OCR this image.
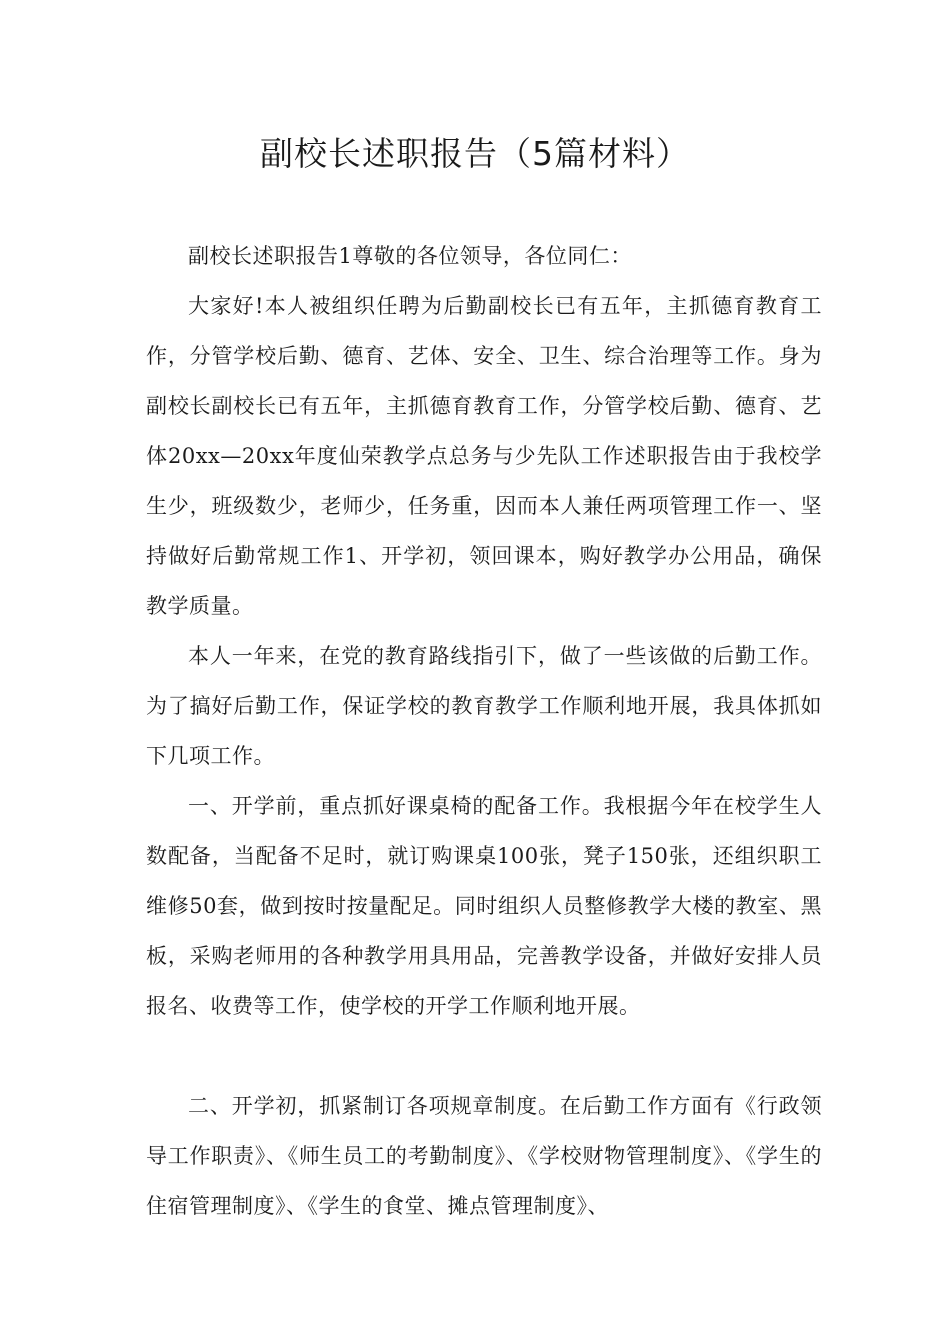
副校长述职报告（5篇材料）

副校长述职报告1尊敬的各位领导，各位同仁：

大家好!本人被组织任聘为后勤副校长已有五年，主抓德育教育工作，分管学校后勤、德育、艺体、安全、卫生、综合治理等工作。身为副校长副校长已有五年，主抓德育教育工作，分管学校后勤、德育、艺体20xx—20xx年度仙荣教学点总务与少先队工作述职报告由于我校学生少，班级数少，老师少，任务重，因而本人兼任两项管理工作一、坚持做好后勤常规工作1、开学初，领回课本，购好教学办公用品，确保教学质量。

本人一年来，在党的教育路线指引下，做了一些该做的后勤工作。为了搞好后勤工作，保证学校的教育教学工作顺利地开展，我具体抓如下几项工作。

一、开学前，重点抓好课桌椅的配备工作。我根据今年在校学生人数配备，当配备不足时，就订购课桌100张，凳子150张，还组织职工维修50套，做到按时按量配足。同时组织人员整修教学大楼的教室、黑板，采购老师用的各种教学用具用品，完善教学设备，并做好安排人员报名、收费等工作，使学校的开学工作顺利地开展。

二、开学初，抓紧制订各项规章制度。在后勤工作方面有《行政领导工作职责》、《师生员工的考勤制度》、《学校财物管理制度》、《学生的住宿管理制度》、《学生的食堂、摊点管理制度》、
